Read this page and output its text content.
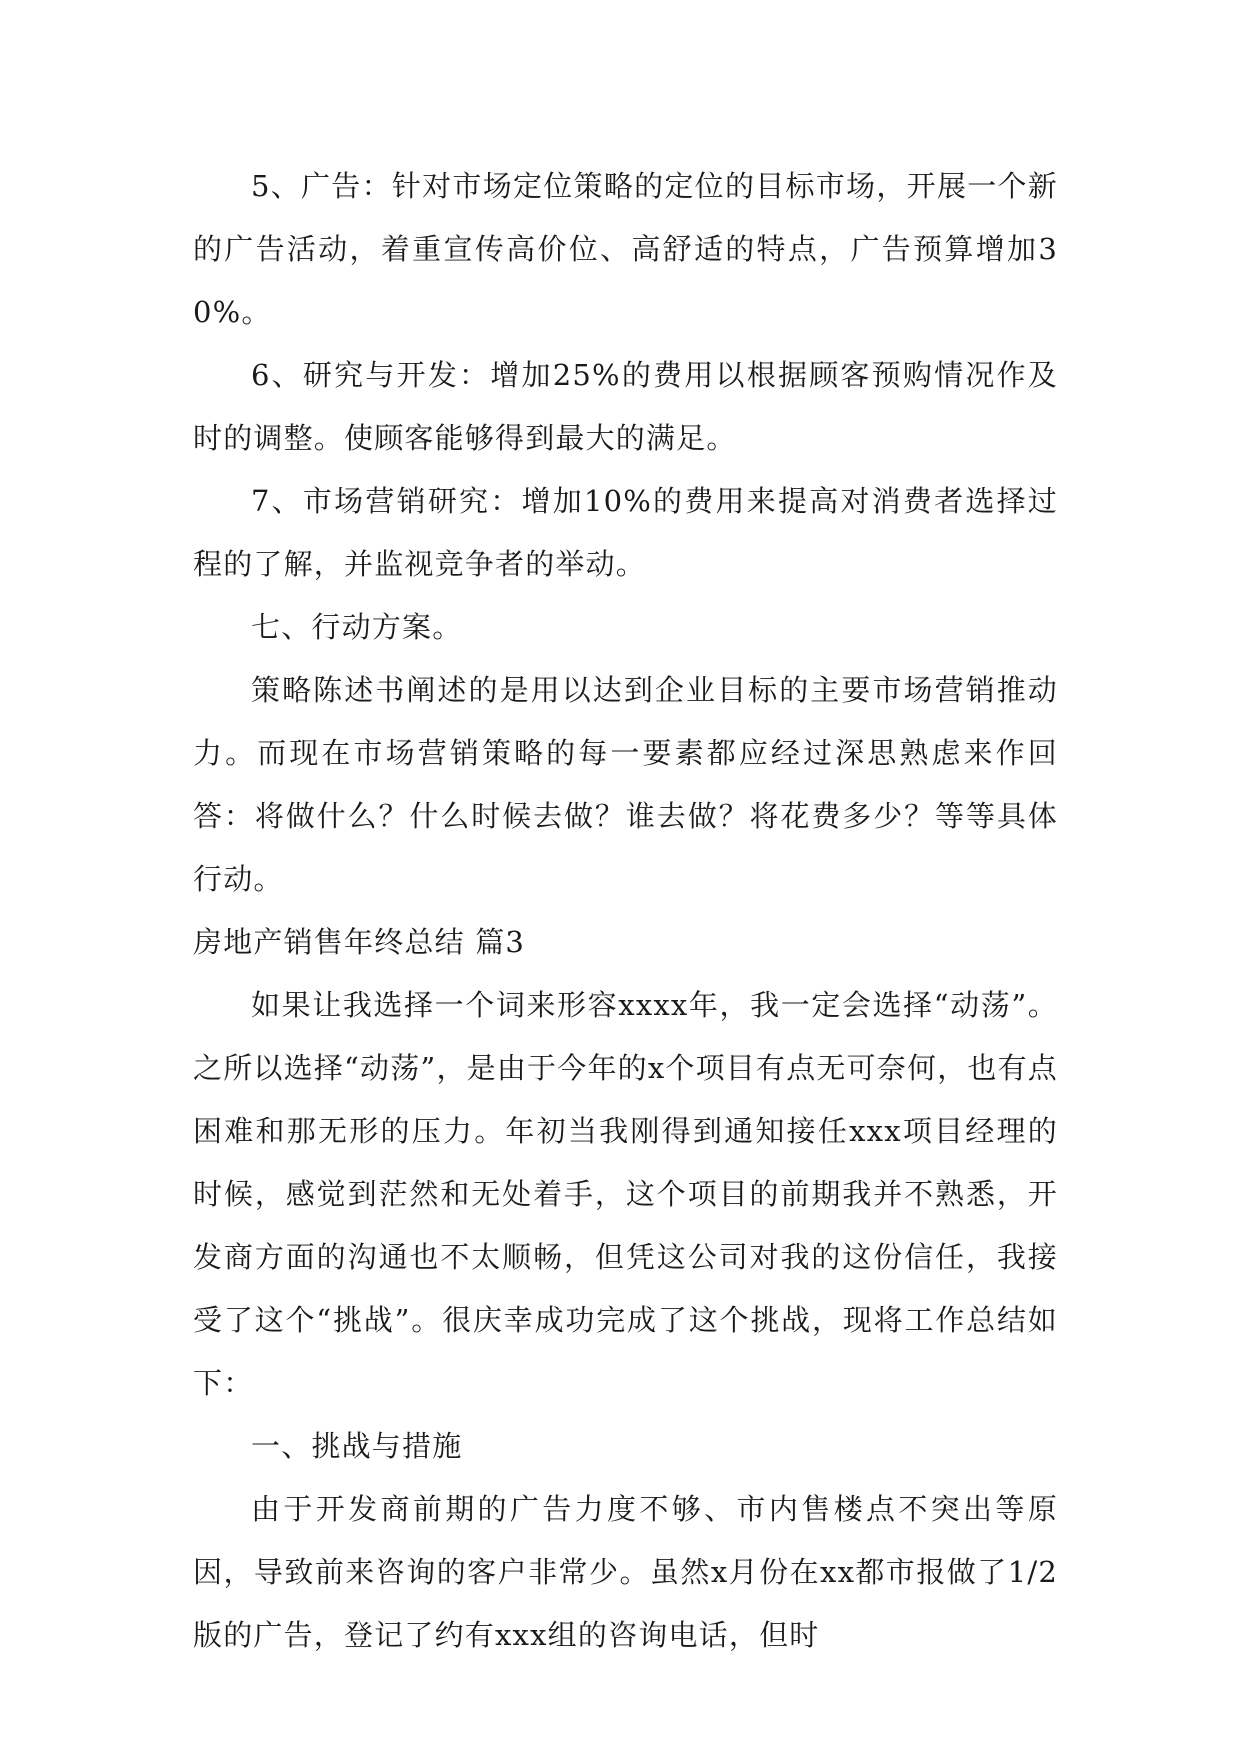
5、广告：针对市场定位策略的定位的目标市场，开展一个新的广告活动，着重宣传高价位、高舒适的特点，广告预算增加30%。

6、研究与开发：增加25%的费用以根据顾客预购情况作及时的调整。使顾客能够得到最大的满足。

7、市场营销研究：增加10%的费用来提高对消费者选择过程的了解，并监视竞争者的举动。

七、行动方案。

策略陈述书阐述的是用以达到企业目标的主要市场营销推动力。而现在市场营销策略的每一要素都应经过深思熟虑来作回答：将做什么？什么时候去做？谁去做？将花费多少？等等具体行动。

房地产销售年终总结 篇3

如果让我选择一个词来形容xxxx年，我一定会选择“动荡”。之所以选择“动荡”，是由于今年的x个项目有点无可奈何，也有点困难和那无形的压力。年初当我刚得到通知接任xxx项目经理的时候，感觉到茫然和无处着手，这个项目的前期我并不熟悉，开发商方面的沟通也不太顺畅，但凭这公司对我的这份信任，我接受了这个“挑战”。很庆幸成功完成了这个挑战，现将工作总结如下：

一、挑战与措施

由于开发商前期的广告力度不够、市内售楼点不突出等原因，导致前来咨询的客户非常少。虽然x月份在xx都市报做了1/2版的广告，登记了约有xxx组的咨询电话，但时
